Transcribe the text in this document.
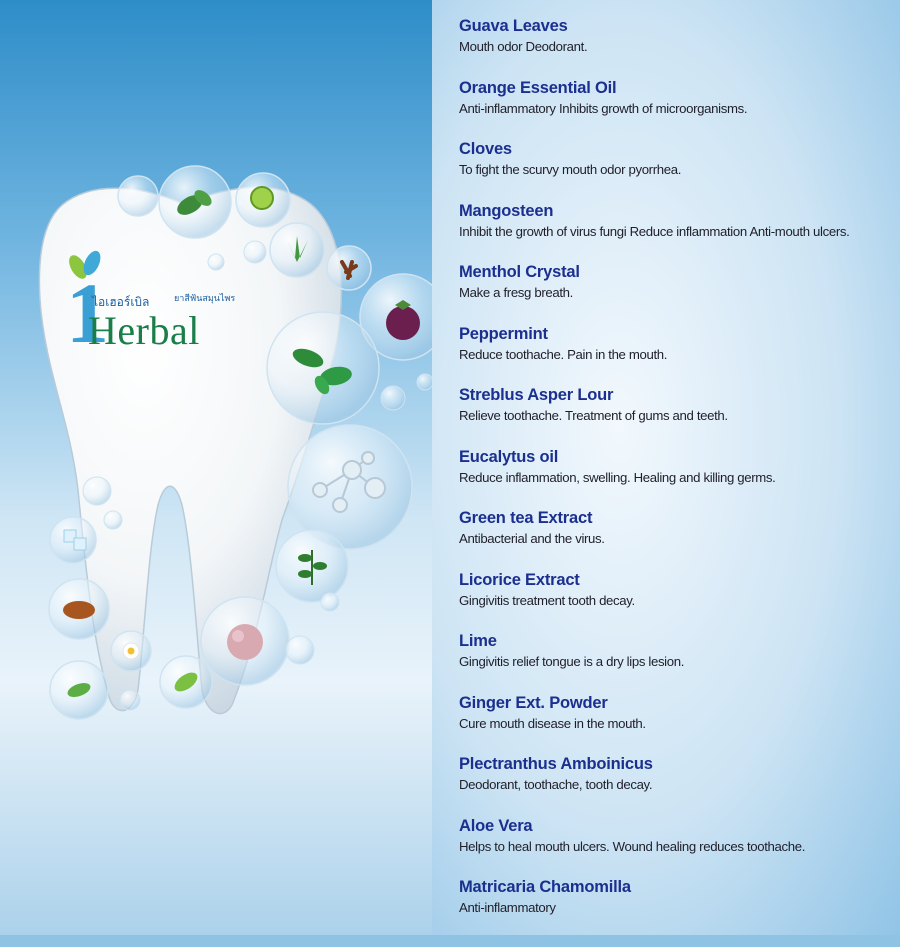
1
ไอเฮอร์เบิล	ยาสีฟันสมุนไพร
Herbal
Guava Leaves
Mouth odor Deodorant.
Orange Essential Oil
Anti-inflammatory Inhibits growth of microorganisms.
Cloves
To fight the scurvy mouth odor pyorrhea.
Mangosteen
Inhibit the growth of virus fungi Reduce inflammation Anti-mouth ulcers.
Menthol Crystal
Make a fresg breath.
Peppermint
Reduce toothache. Pain in the mouth.
Streblus Asper Lour
Relieve toothache. Treatment of gums and teeth.
Eucalytus oil
Reduce inflammation, swelling. Healing and killing germs.
Green tea Extract
Antibacterial and the virus.
Licorice Extract
Gingivitis treatment tooth decay.
Lime
Gingivitis relief tongue is a dry lips lesion.
Ginger Ext. Powder
Cure mouth disease in the mouth.
Plectranthus Amboinicus
Deodorant, toothache, tooth decay.
Aloe Vera
Helps to heal mouth ulcers. Wound healing reduces toothache.
Matricaria Chamomilla
Anti-inflammatory
